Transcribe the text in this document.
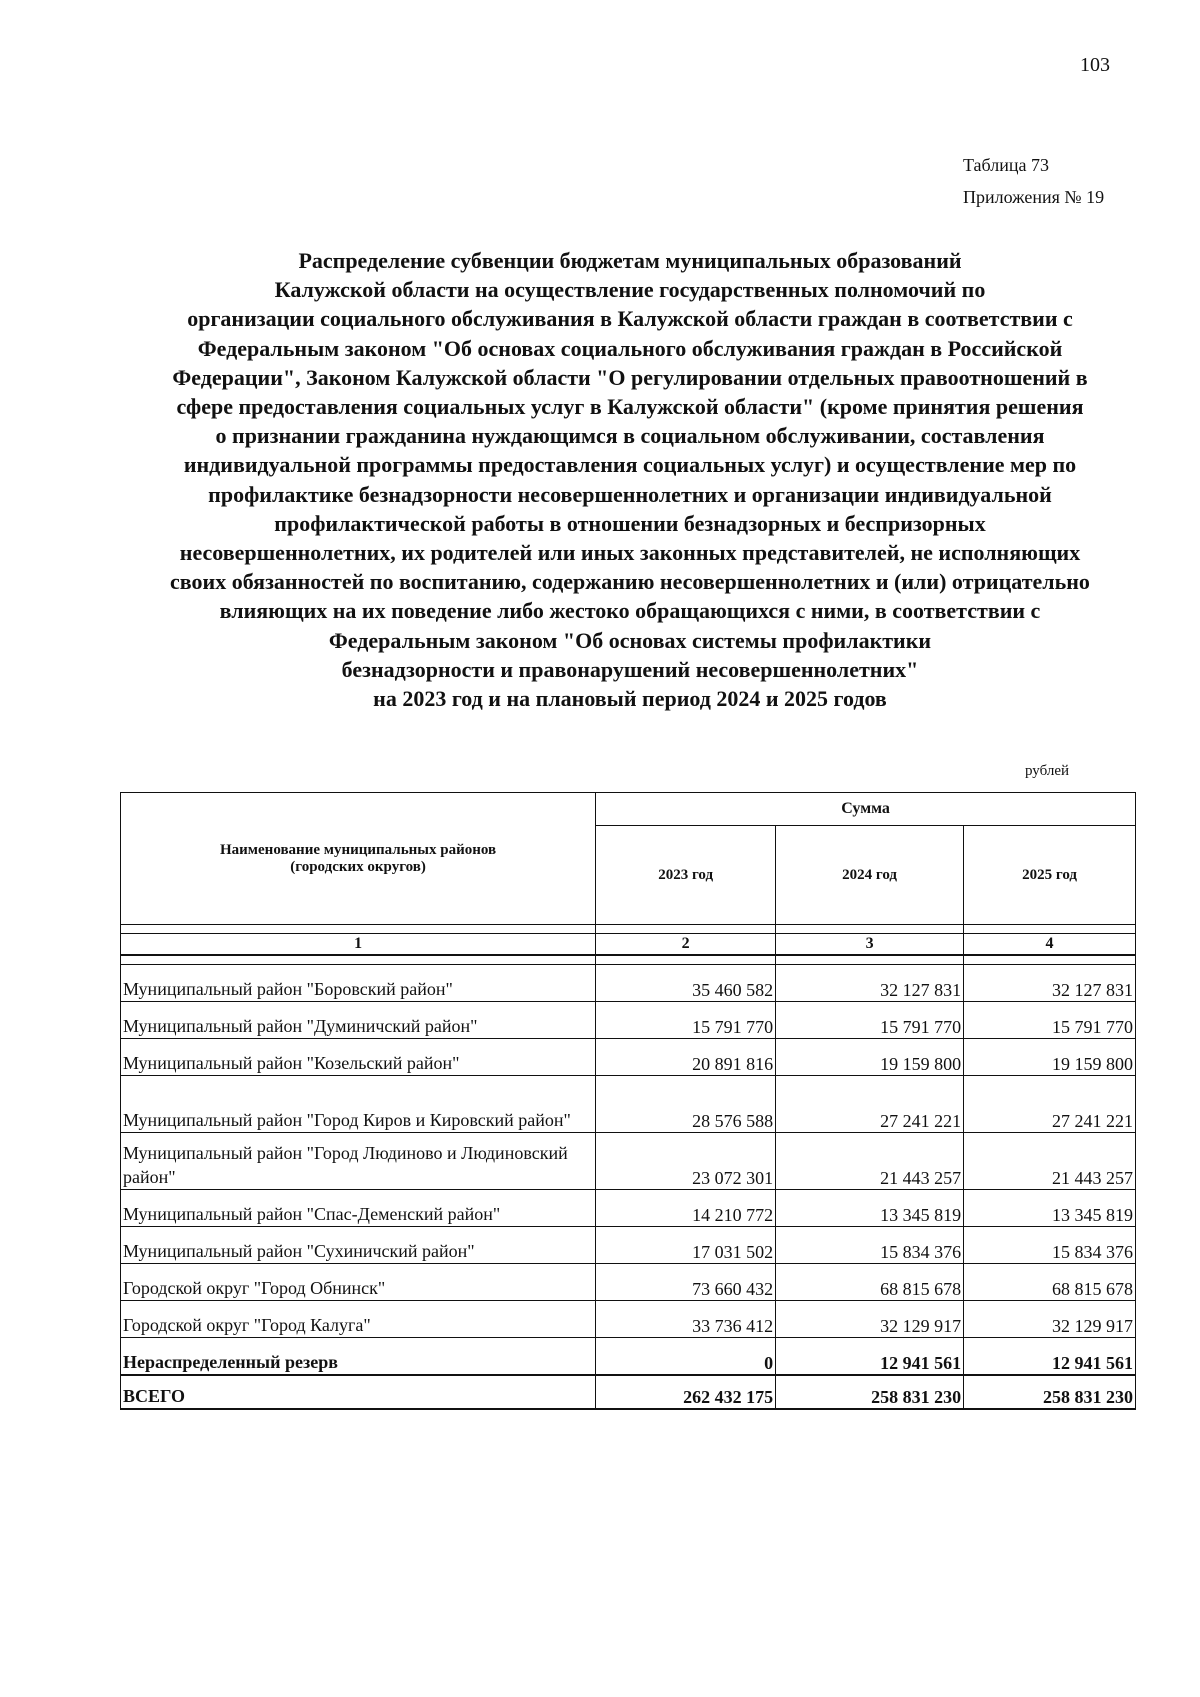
103
Таблица 73
Приложения № 19
Распределение субвенции бюджетам муниципальных образований
Калужской области на осуществление государственных полномочий по
организации социального обслуживания в Калужской области граждан в соответствии с
Федеральным законом "Об основах социального обслуживания граждан в Российской
Федерации", Законом Калужской области "О регулировании отдельных правоотношений в
сфере предоставления социальных услуг в Калужской области" (кроме принятия решения
о признании гражданина нуждающимся в социальном обслуживании, составления
индивидуальной программы предоставления социальных услуг) и осуществление мер по
профилактике безнадзорности несовершеннолетних и организации индивидуальной
профилактической работы в отношении безнадзорных и беспризорных
несовершеннолетних, их родителей или иных законных представителей, не исполняющих
своих обязанностей по воспитанию, содержанию несовершеннолетних и (или) отрицательно
влияющих на их поведение либо жестоко обращающихся с ними, в соответствии с
Федеральным законом "Об основах системы профилактики
безнадзорности и правонарушений несовершеннолетних"
на 2023 год и на плановый период 2024 и 2025 годов
рублей
Наименование муниципальных районов
(городских округов)	Сумма		
	2023 год	2024 год	2025 год

1	2	3	4

Муниципальный район "Боровский район"	35 460 582	32 127 831	32 127 831
Муниципальный район "Думиничский район"	15 791 770	15 791 770	15 791 770
Муниципальный район "Козельский район"	20 891 816	19 159 800	19 159 800
Муниципальный район "Город Киров и Кировский район"	28 576 588	27 241 221	27 241 221
Муниципальный район "Город Людиново и Людиновский район"	23 072 301	21 443 257	21 443 257
Муниципальный район "Спас-Деменский район"	14 210 772	13 345 819	13 345 819
Муниципальный район "Сухиничский район"	17 031 502	15 834 376	15 834 376
Городской округ "Город Обнинск"	73 660 432	68 815 678	68 815 678
Городской округ "Город Калуга"	33 736 412	32 129 917	32 129 917
Нераспределенный резерв	0	12 941 561	12 941 561
ВСЕГО	262 432 175	258 831 230	258 831 230
